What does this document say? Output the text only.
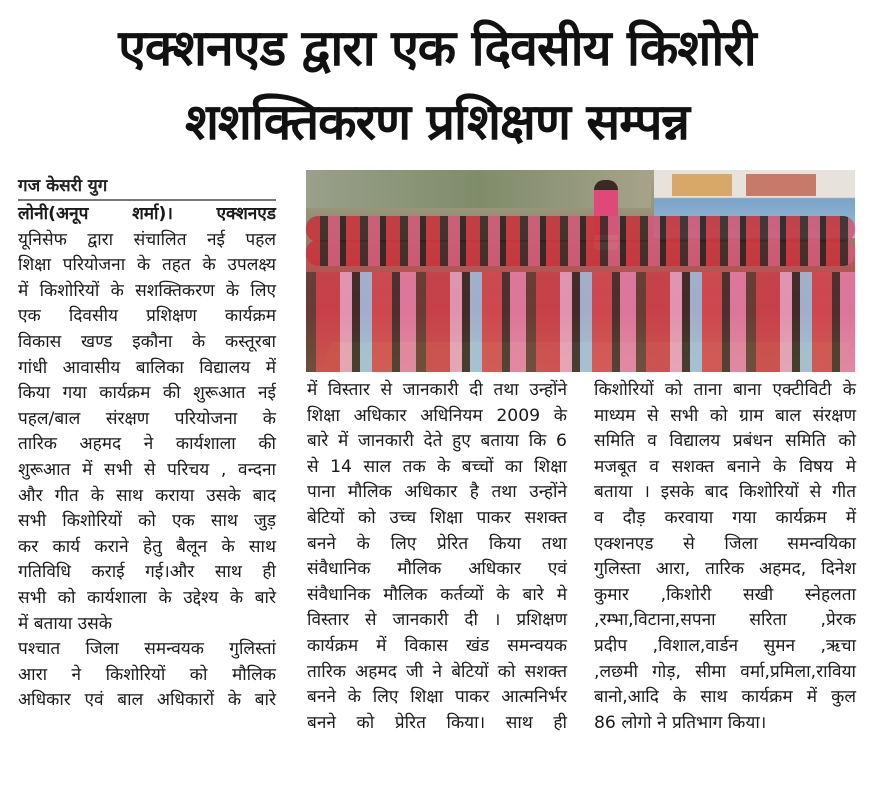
एक्शनएड द्वारा एक दिवसीय किशोरी
शशक्तिकरण प्रशिक्षण सम्पन्न
गज केसरी युग
लोनी(अनूप शर्मा)। एक्शनएड
यूनिसेफ द्वारा संचालित नई पहल
शिक्षा परियोजना के तहत के उपलक्ष्य
में किशोरियों के सशक्तिकरण के लिए
एक दिवसीय प्रशिक्षण कार्यक्रम
विकास खण्ड इकौना के कस्तूरबा
गांधी आवासीय बालिका विद्यालय में
किया गया कार्यक्रम की शुरूआत नई
पहल/बाल संरक्षण परियोजना के
तारिक अहमद ने कार्यशाला की
शुरूआत में सभी से परिचय , वन्दना
और गीत के साथ कराया उसके बाद
सभी किशोरियों को एक साथ जुड़
कर कार्य कराने हेतु बैलून के साथ
गतिविधि कराई गई।और साथ ही
सभी को कार्यशाला के उद्देश्य के बारे
में बताया उसके
पश्चात जिला समन्वयक गुलिस्तां
आरा ने किशोरियों को मौलिक
अधिकार एवं बाल अधिकारों के बारे
में विस्तार से जानकारी दी तथा उन्होंने
शिक्षा अधिकार अधिनियम 2009 के
बारे में जानकारी देते हुए बताया कि 6
से 14 साल तक के बच्चों का शिक्षा
पाना मौलिक अधिकार है तथा उन्होंने
बेटियों को उच्च शिक्षा पाकर सशक्त
बनने के लिए प्रेरित किया तथा
संवैधानिक मौलिक अधिकार एवं
संवैधानिक मौलिक कर्तव्यों के बारे मे
विस्तार से जानकारी दी । प्रशिक्षण
कार्यक्रम में विकास खंड समन्वयक
तारिक अहमद जी ने बेटियों को सशक्त
बनने के लिए शिक्षा पाकर आत्मनिर्भर
बनने को प्रेरित किया। साथ ही
किशोरियों को ताना बाना एक्टीविटी के
माध्यम से सभी को ग्राम बाल संरक्षण
समिति व विद्यालय प्रबंधन समिति को
मजबूत व सशक्त बनाने के विषय मे
बताया । इसके बाद किशोरियों से गीत
व दौड़ करवाया गया कार्यक्रम में
एक्शनएड से जिला समन्वयिका
गुलिस्ता आरा, तारिक अहमद, दिनेश
कुमार ,किशोरी सखी स्नेहलता
,रम्भा,विटाना,सपना सरिता ,प्रेरक
प्रदीप ,विशाल,वार्डन सुमन ,ऋचा
,लछमी गोड़, सीमा वर्मा,प्रमिला,राविया
बानो,आदि के साथ कार्यक्रम में कुल
86 लोगो ने प्रतिभाग किया।
